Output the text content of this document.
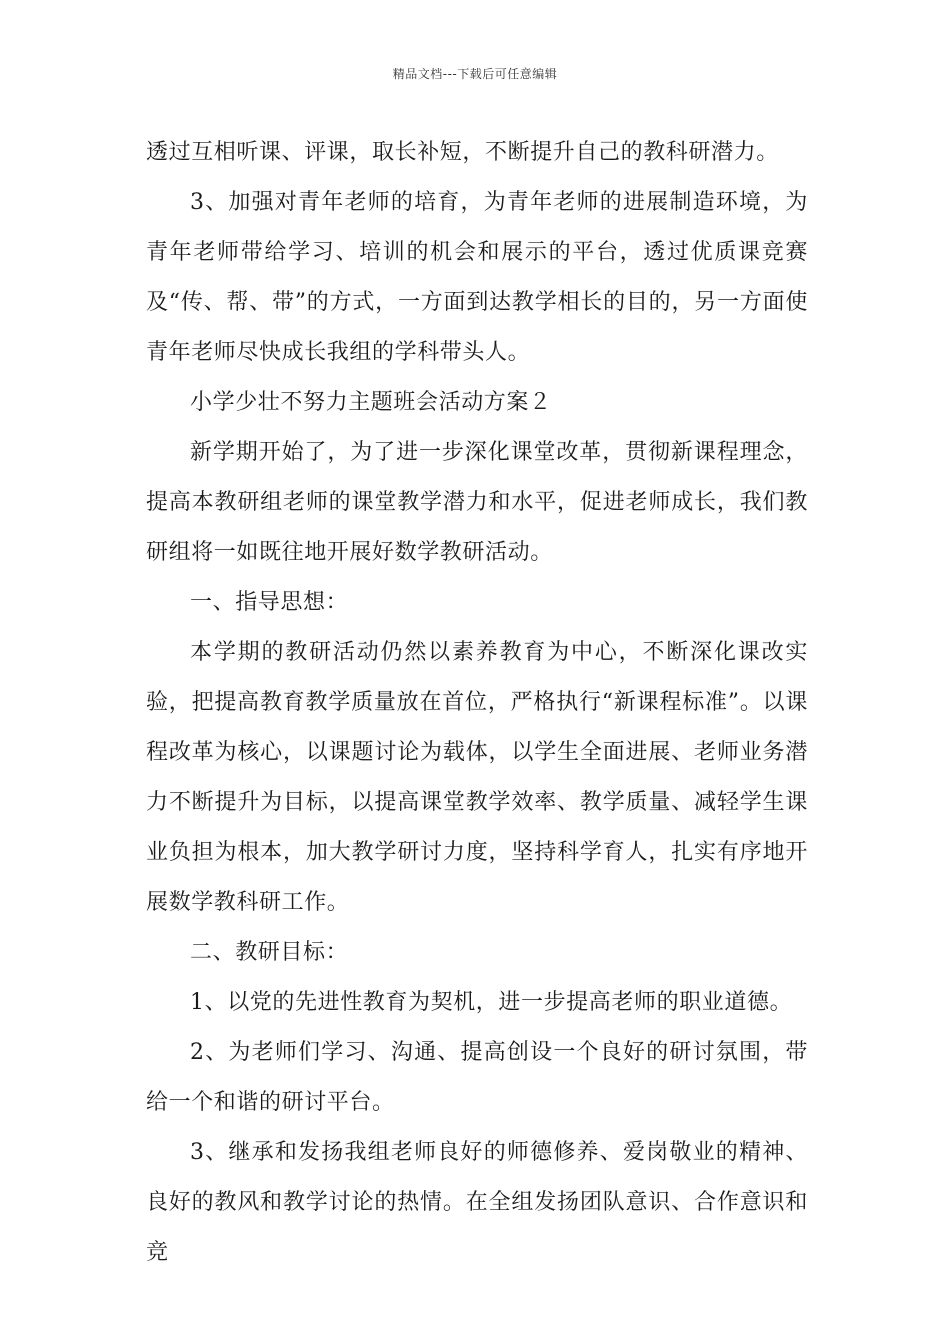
精品文档---下载后可任意编辑

透过互相听课、评课，取长补短，不断提升自己的教科研潜力。

3、加强对青年老师的培育，为青年老师的进展制造环境，为青年老师带给学习、培训的机会和展示的平台，透过优质课竞赛及“传、帮、带”的方式，一方面到达教学相长的目的，另一方面使青年老师尽快成长我组的学科带头人。

小学少壮不努力主题班会活动方案２

新学期开始了，为了进一步深化课堂改革，贯彻新课程理念，提高本教研组老师的课堂教学潜力和水平，促进老师成长，我们教研组将一如既往地开展好数学教研活动。

一、指导思想：

本学期的教研活动仍然以素养教育为中心，不断深化课改实验，把提高教育教学质量放在首位，严格执行“新课程标准”。以课程改革为核心，以课题讨论为载体，以学生全面进展、老师业务潜力不断提升为目标，以提高课堂教学效率、教学质量、减轻学生课业负担为根本，加大教学研讨力度，坚持科学育人，扎实有序地开展数学教科研工作。

二、教研目标：

1、以党的先进性教育为契机，进一步提高老师的职业道德。

2、为老师们学习、沟通、提高创设一个良好的研讨氛围，带给一个和谐的研讨平台。

3、继承和发扬我组老师良好的师德修养、爱岗敬业的精神、良好的教风和教学讨论的热情。在全组发扬团队意识、合作意识和竞
